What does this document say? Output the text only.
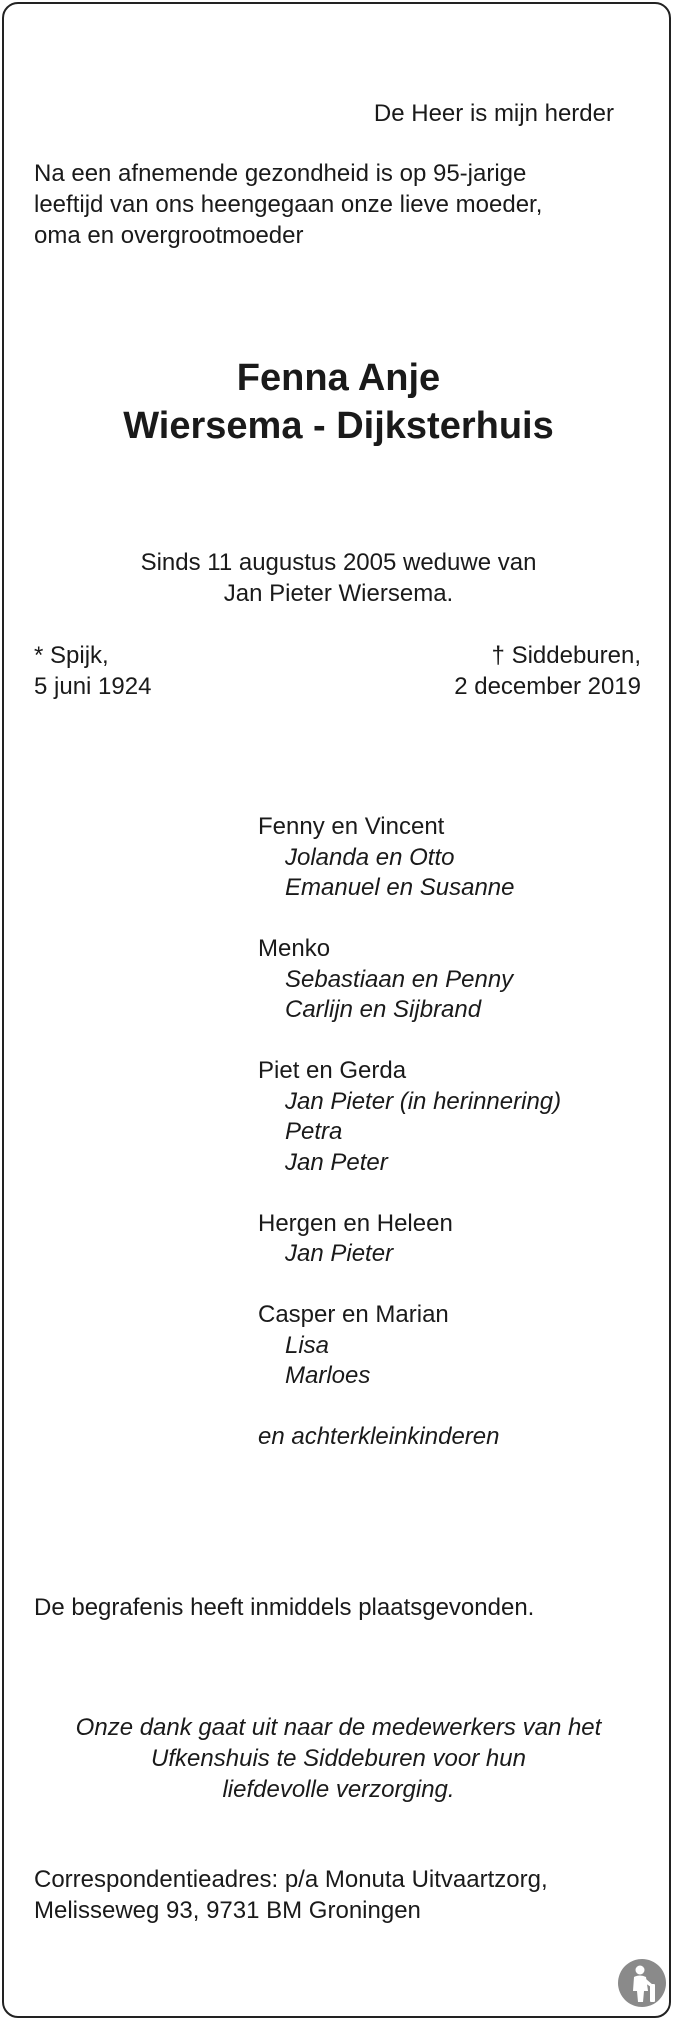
De Heer is mijn herder
Na een afnemende gezondheid is op 95-jarige
leeftijd van ons heengegaan onze lieve moeder,
oma en overgrootmoeder
Fenna Anje
Wiersema - Dijksterhuis
Sinds 11 augustus 2005 weduwe van
Jan Pieter Wiersema.
* Spijk,
5 juni 1924
† Siddeburen,
2 december 2019
Fenny en Vincent
Jolanda en Otto
Emanuel en Susanne
Menko
Sebastiaan en Penny
Carlijn en Sijbrand
Piet en Gerda
Jan Pieter (in herinnering)
Petra
Jan Peter
Hergen en Heleen
Jan Pieter
Casper en Marian
Lisa
Marloes
en achterkleinkinderen
De begrafenis heeft inmiddels plaatsgevonden.
Onze dank gaat uit naar de medewerkers van het
Ufkenshuis te Siddeburen voor hun
liefdevolle verzorging.
Correspondentieadres: p/a Monuta Uitvaartzorg,
Melisseweg 93, 9731 BM Groningen
